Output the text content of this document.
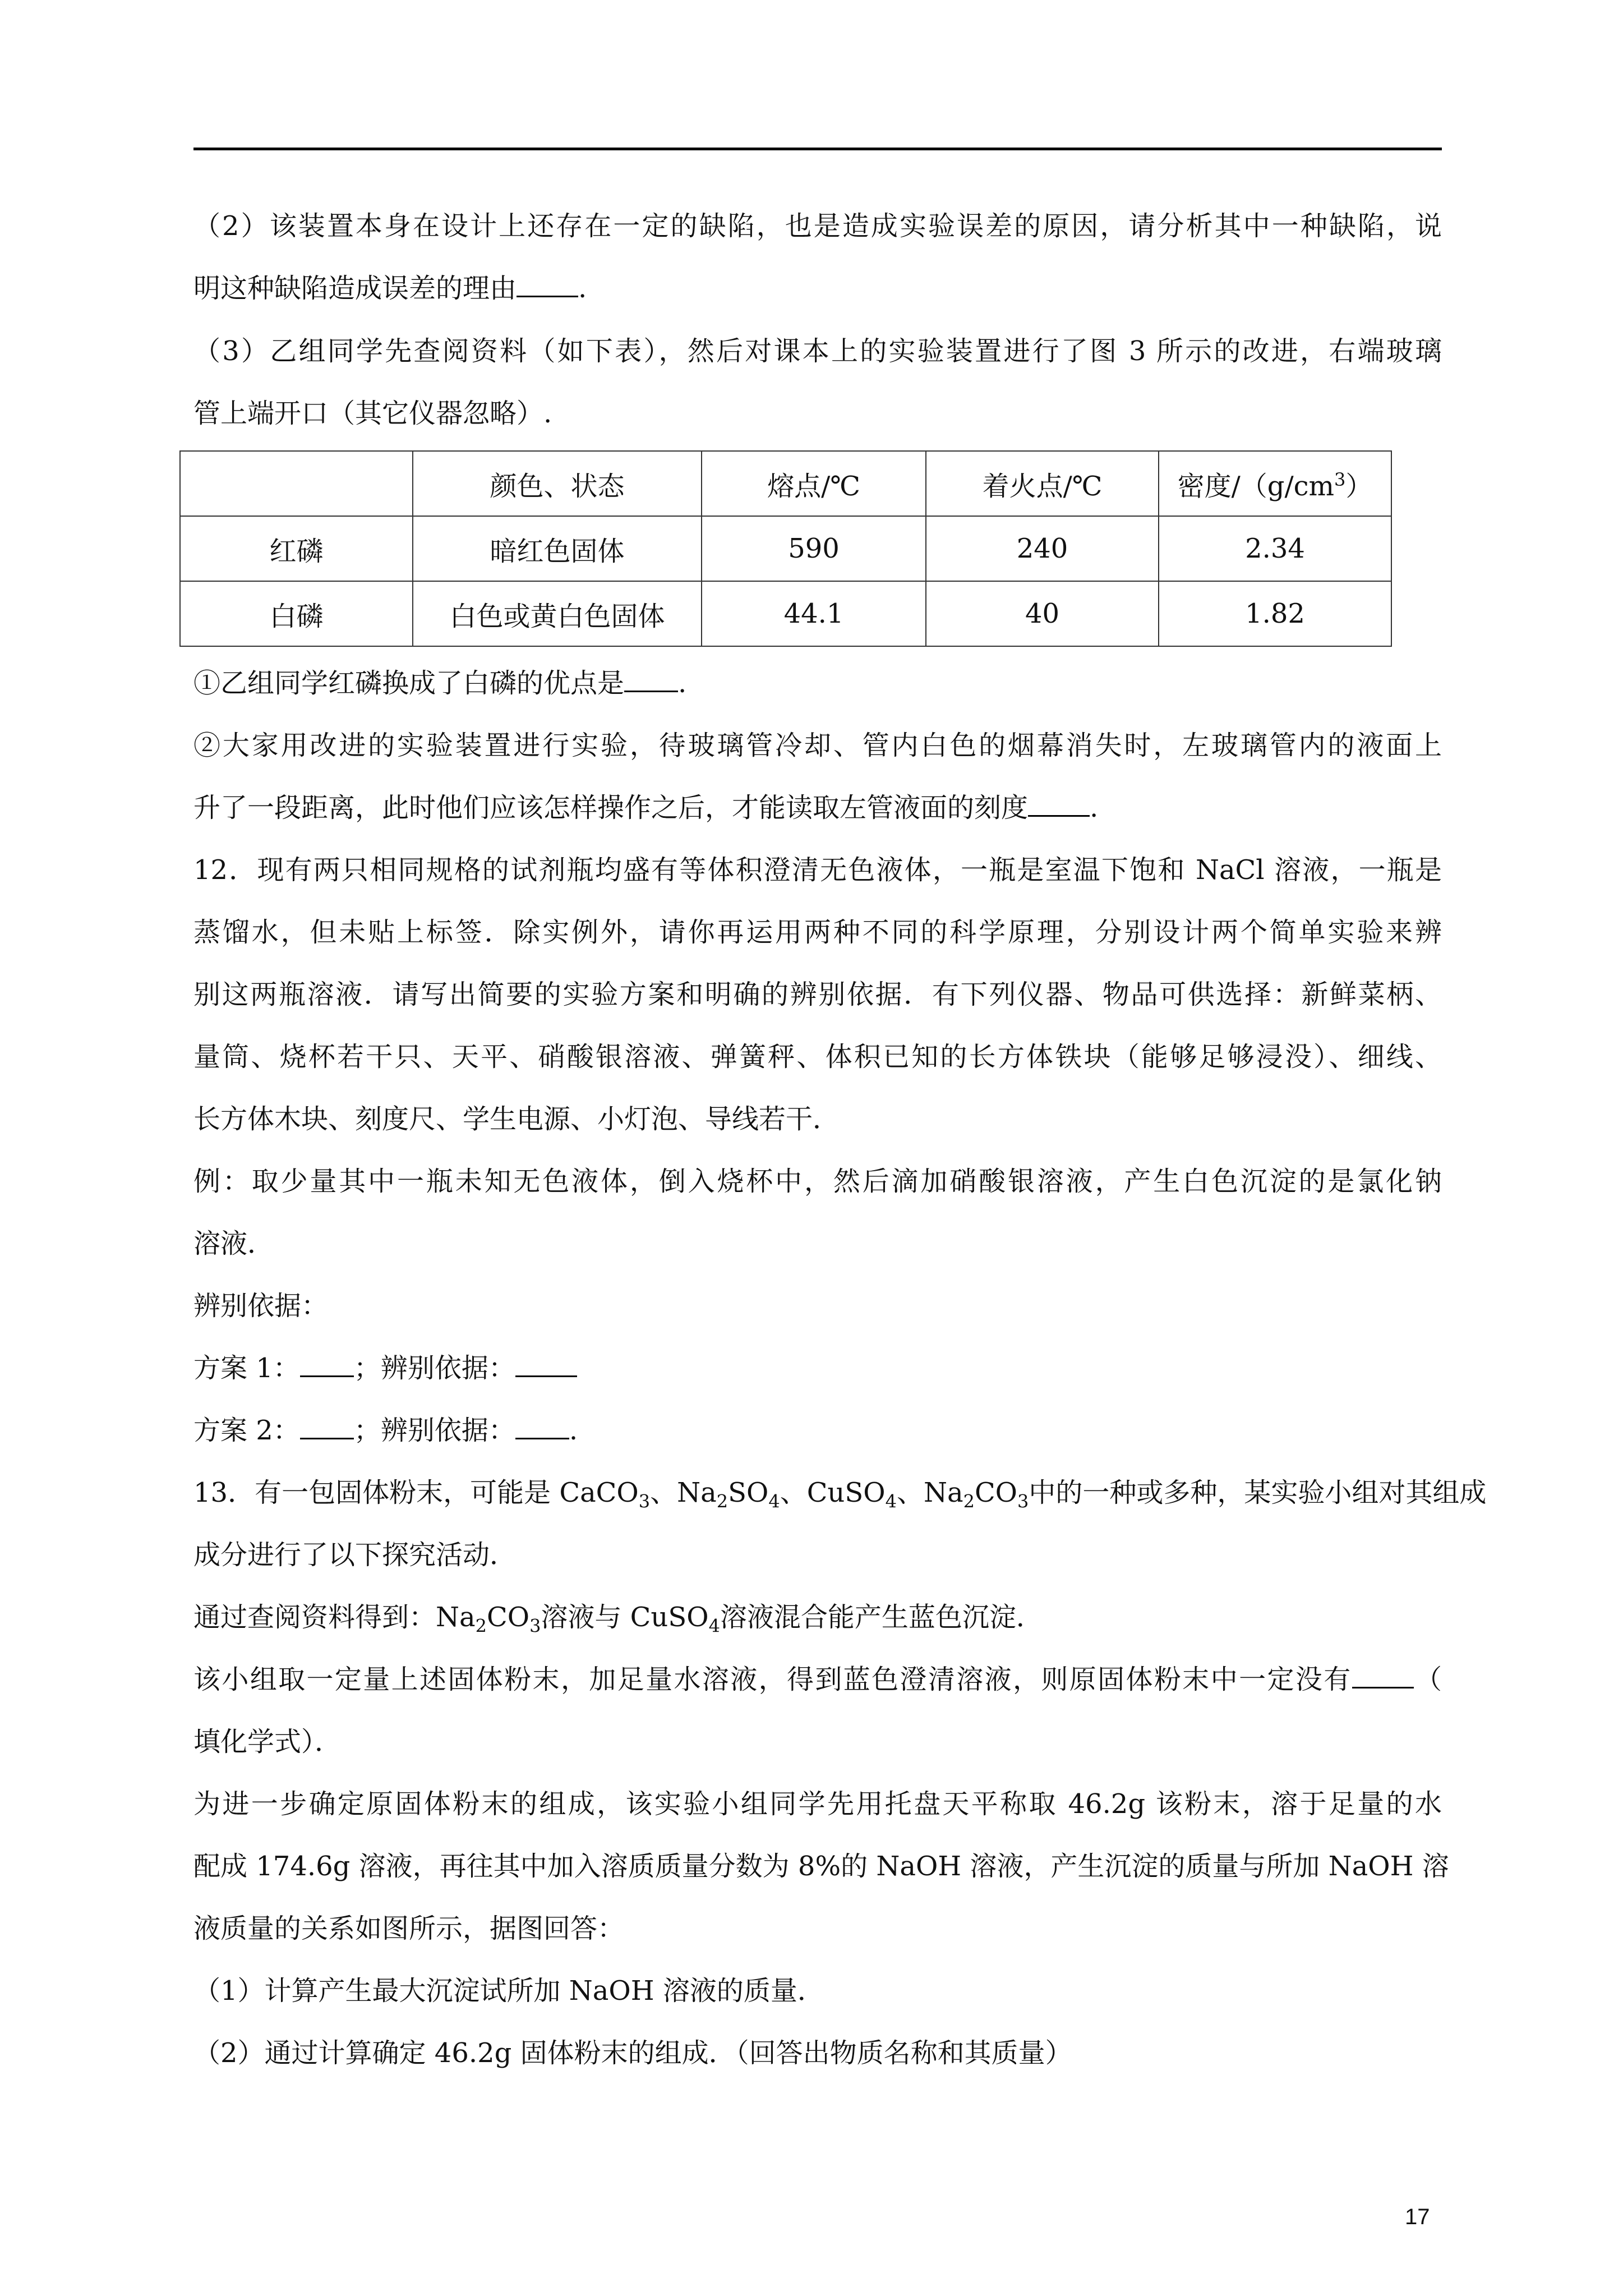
（2）该装置本身在设计上还存在一定的缺陷，也是造成实验误差的原因，请分析其中一种缺陷，说
明这种缺陷造成误差的理由 .
（3）乙组同学先查阅资料（如下表），然后对课本上的实验装置进行了图 3 所示的改进，右端玻璃
管上端开口（其它仪器忽略）.
	颜色、状态	熔点/℃	着火点/℃	密度$/(g/cm^3)$
红磷	暗红色固体	590	240	2.34
白磷	白色或黄白色固体	44.1	40	1.82
①乙组同学红磷换成了白磷的优点是 .
②大家用改进的实验装置进行实验，待玻璃管冷却、管内白色的烟幕消失时，左玻璃管内的液面上
升了一段距离，此时他们应该怎样操作之后，才能读取左管液面的刻度 .
12．现有两只相同规格的试剂瓶均盛有等体积澄清无色液体，一瓶是室温下饱和 NaCl 溶液，一瓶是
蒸馏水，但未贴上标签．除实例外，请你再运用两种不同的科学原理，分别设计两个简单实验来辨
别这两瓶溶液．请写出简要的实验方案和明确的辨别依据．有下列仪器、物品可供选择：新鲜菜柄、
量筒、烧杯若干只、天平、硝酸银溶液、弹簧秤、体积已知的长方体铁块（能够足够浸没）、细线、
长方体木块、刻度尺、学生电源、小灯泡、导线若干．
例：取少量其中一瓶未知无色液体，倒入烧杯中，然后滴加硝酸银溶液，产生白色沉淀的是氯化钠
溶液．
辨别依据：
方案 1： ；辨别依据：
方案 2： ；辨别依据： .
13．有一包固体粉末，可能是 CaCO$_3$、$Na_2SO_4$、CuSO$_4$、$Na_2CO_3$中的一种或多种，某实验小组对其组成
成分进行了以下探究活动．
通过查阅资料得到：$Na_2CO_3$溶液与 CuSO$_4$溶液混合能产生蓝色沉淀．
该小组取一定量上述固体粉末，加足量水溶液，得到蓝色澄清溶液，则原固体粉末中一定没有 （
填化学式）．
为进一步确定原固体粉末的组成，该实验小组同学先用托盘天平称取 46.2g 该粉末，溶于足量的水
配成 174.6g 溶液，再往其中加入溶质质量分数为 8%的 NaOH 溶液，产生沉淀的质量与所加 NaOH 溶
液质量的关系如图所示，据图回答：
（1）计算产生最大沉淀试所加 NaOH 溶液的质量．
（2）通过计算确定 46.2g 固体粉末的组成．（回答出物质名称和其质量）
17
